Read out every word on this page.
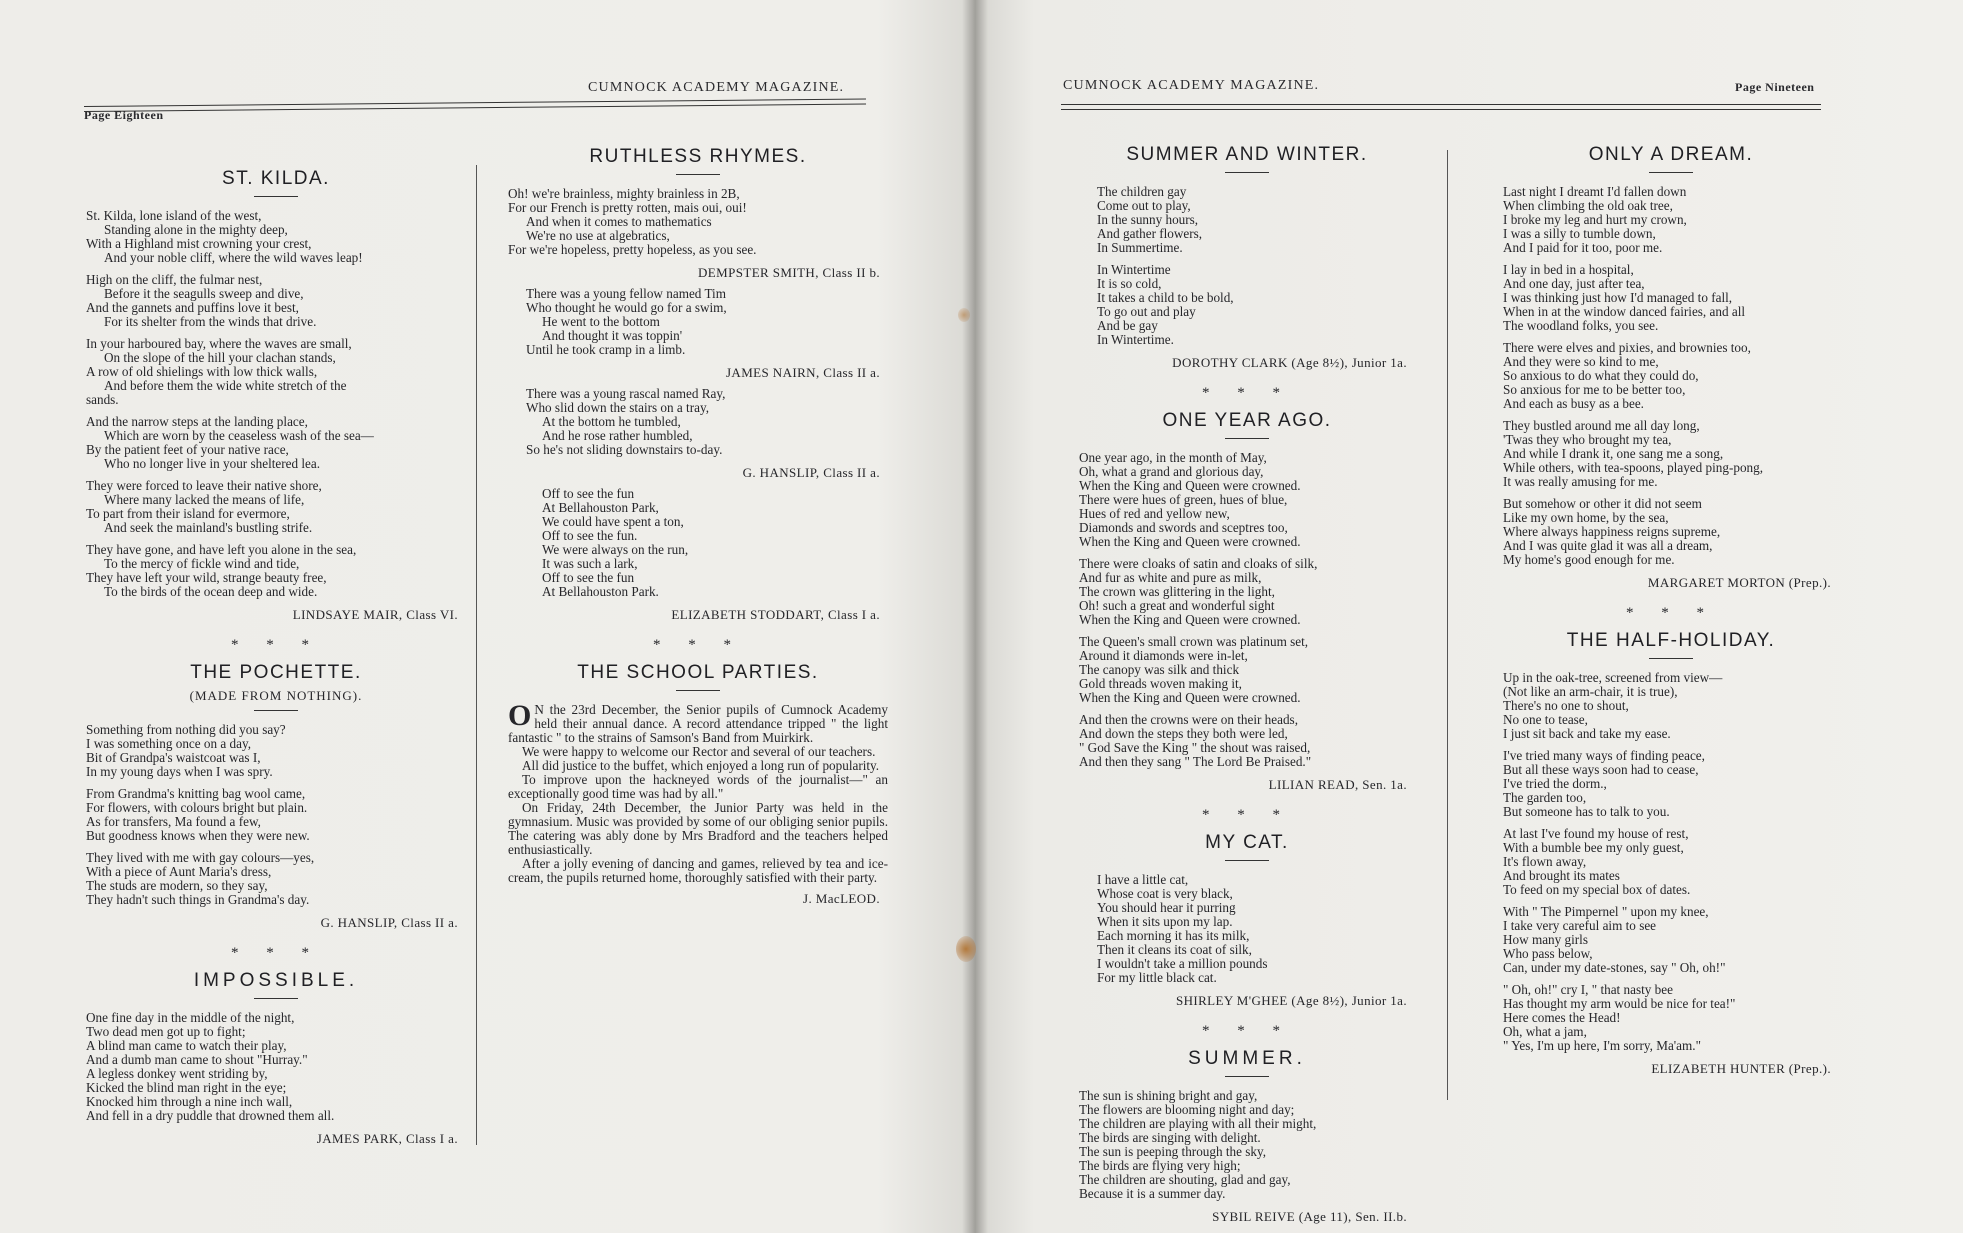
Page Eighteen
CUMNOCK ACADEMY MAGAZINE.
ST. KILDA.
St. Kilda, lone island of the west,
Standing alone in the mighty deep,
With a Highland mist crowning your crest,
And your noble cliff, where the wild waves leap!
High on the cliff, the fulmar nest,
Before it the seagulls sweep and dive,
And the gannets and puffins love it best,
For its shelter from the winds that drive.
In your harboured bay, where the waves are small,
On the slope of the hill your clachan stands,
A row of old shielings with low thick walls,
And before them the wide white stretch of the
sands.
And the narrow steps at the landing place,
Which are worn by the ceaseless wash of the sea—
By the patient feet of your native race,
Who no longer live in your sheltered lea.
They were forced to leave their native shore,
Where many lacked the means of life,
To part from their island for evermore,
And seek the mainland's bustling strife.
They have gone, and have left you alone in the sea,
To the mercy of fickle wind and tide,
They have left your wild, strange beauty free,
To the birds of the ocean deep and wide.
LINDSAYE MAIR, Class VI.
* * *
THE POCHETTE.
(MADE FROM NOTHING).
Something from nothing did you say?
I was something once on a day,
Bit of Grandpa's waistcoat was I,
In my young days when I was spry.
From Grandma's knitting bag wool came,
For flowers, with colours bright but plain.
As for transfers, Ma found a few,
But goodness knows when they were new.
They lived with me with gay colours—yes,
With a piece of Aunt Maria's dress,
The studs are modern, so they say,
They hadn't such things in Grandma's day.
G. HANSLIP, Class II a.
* * *
IMPOSSIBLE.
One fine day in the middle of the night,
Two dead men got up to fight;
A blind man came to watch their play,
And a dumb man came to shout "Hurray."
A legless donkey went striding by,
Kicked the blind man right in the eye;
Knocked him through a nine inch wall,
And fell in a dry puddle that drowned them all.
JAMES PARK, Class I a.
RUTHLESS RHYMES.
Oh! we're brainless, mighty brainless in 2B,
For our French is pretty rotten, mais oui, oui!
And when it comes to mathematics
We're no use at algebratics,
For we're hopeless, pretty hopeless, as you see.
DEMPSTER SMITH, Class II b.
There was a young fellow named Tim
Who thought he would go for a swim,
He went to the bottom
And thought it was toppin'
Until he took cramp in a limb.
JAMES NAIRN, Class II a.
There was a young rascal named Ray,
Who slid down the stairs on a tray,
At the bottom he tumbled,
And he rose rather humbled,
So he's not sliding downstairs to-day.
G. HANSLIP, Class II a.
Off to see the fun
At Bellahouston Park,
We could have spent a ton,
Off to see the fun.
We were always on the run,
It was such a lark,
Off to see the fun
At Bellahouston Park.
ELIZABETH STODDART, Class I a.
* * *
THE SCHOOL PARTIES.

O N the 23rd December, the Senior pupils of Cumnock Academy held their annual dance. A record attendance tripped " the light fantastic " to the strains of Samson's Band from Muirkirk.

We were happy to welcome our Rector and several of our teachers.

All did justice to the buffet, which enjoyed a long run of popularity.

To improve upon the hackneyed words of the journalist—" an exceptionally good time was had by all."

On Friday, 24th December, the Junior Party was held in the gymnasium. Music was provided by some of our obliging senior pupils. The catering was ably done by Mrs Bradford and the teachers helped enthusiastically.

After a jolly evening of dancing and games, relieved by tea and ice-cream, the pupils returned home, thoroughly satisfied with their party.

J. MacLEOD.
CUMNOCK ACADEMY MAGAZINE.	Page Nineteen
SUMMER AND WINTER.
The children gay
Come out to play,
In the sunny hours,
And gather flowers,
In Summertime.
In Wintertime
It is so cold,
It takes a child to be bold,
To go out and play
And be gay
In Wintertime.
DOROTHY CLARK (Age 8½), Junior 1a.
* * *
ONE YEAR AGO.
One year ago, in the month of May,
Oh, what a grand and glorious day,
When the King and Queen were crowned.
There were hues of green, hues of blue,
Hues of red and yellow new,
Diamonds and swords and sceptres too,
When the King and Queen were crowned.
There were cloaks of satin and cloaks of silk,
And fur as white and pure as milk,
The crown was glittering in the light,
Oh! such a great and wonderful sight
When the King and Queen were crowned.
The Queen's small crown was platinum set,
Around it diamonds were in-let,
The canopy was silk and thick
Gold threads woven making it,
When the King and Queen were crowned.
And then the crowns were on their heads,
And down the steps they both were led,
" God Save the King " the shout was raised,
And then they sang " The Lord Be Praised."
LILIAN READ, Sen. 1a.
* * *
MY CAT.
I have a little cat,
Whose coat is very black,
You should hear it purring
When it sits upon my lap.
Each morning it has its milk,
Then it cleans its coat of silk,
I wouldn't take a million pounds
For my little black cat.
SHIRLEY M'GHEE (Age 8½), Junior 1a.
* * *
SUMMER.
The sun is shining bright and gay,
The flowers are blooming night and day;
The children are playing with all their might,
The birds are singing with delight.
The sun is peeping through the sky,
The birds are flying very high;
The children are shouting, glad and gay,
Because it is a summer day.
SYBIL REIVE (Age 11), Sen. II.b.
ONLY A DREAM.
Last night I dreamt I'd fallen down
When climbing the old oak tree,
I broke my leg and hurt my crown,
I was a silly to tumble down,
And I paid for it too, poor me.
I lay in bed in a hospital,
And one day, just after tea,
I was thinking just how I'd managed to fall,
When in at the window danced fairies, and all
The woodland folks, you see.
There were elves and pixies, and brownies too,
And they were so kind to me,
So anxious to do what they could do,
So anxious for me to be better too,
And each as busy as a bee.
They bustled around me all day long,
'Twas they who brought my tea,
And while I drank it, one sang me a song,
While others, with tea-spoons, played ping-pong,
It was really amusing for me.
But somehow or other it did not seem
Like my own home, by the sea,
Where always happiness reigns supreme,
And I was quite glad it was all a dream,
My home's good enough for me.
MARGARET MORTON (Prep.).
* * *
THE HALF-HOLIDAY.
Up in the oak-tree, screened from view—
(Not like an arm-chair, it is true),
There's no one to shout,
No one to tease,
I just sit back and take my ease.
I've tried many ways of finding peace,
But all these ways soon had to cease,
I've tried the dorm.,
The garden too,
But someone has to talk to you.
At last I've found my house of rest,
With a bumble bee my only guest,
It's flown away,
And brought its mates
To feed on my special box of dates.
With " The Pimpernel " upon my knee,
I take very careful aim to see
How many girls
Who pass below,
Can, under my date-stones, say " Oh, oh!"
" Oh, oh!" cry I, " that nasty bee
Has thought my arm would be nice for tea!"
Here comes the Head!
Oh, what a jam,
" Yes, I'm up here, I'm sorry, Ma'am."
ELIZABETH HUNTER (Prep.).
